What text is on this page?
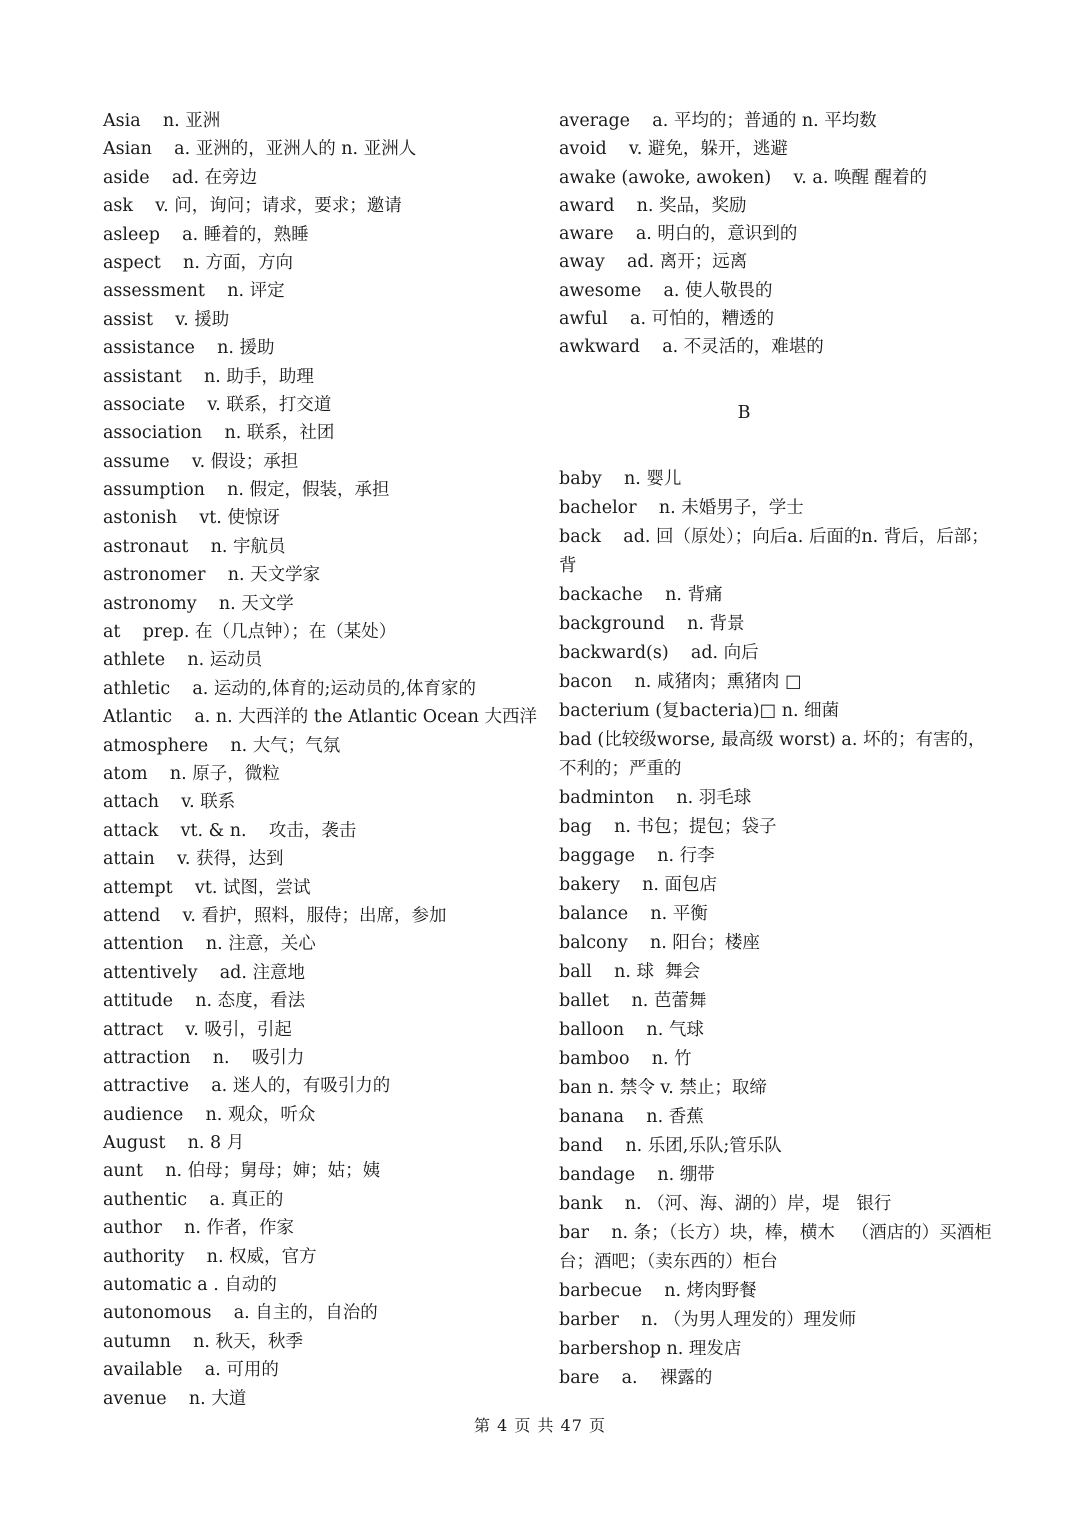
Asia    n. 亚洲
Asian    a. 亚洲的，亚洲人的 n. 亚洲人
aside    ad. 在旁边
ask    v. 问，询问；请求，要求；邀请
asleep    a. 睡着的，熟睡
aspect    n. 方面，方向
assessment    n. 评定
assist    v. 援助
assistance    n. 援助
assistant    n. 助手，助理
associate    v. 联系，打交道
association    n. 联系，社团
assume    v. 假设；承担
assumption    n. 假定，假装，承担
astonish    vt. 使惊讶
astronaut    n. 宇航员
astronomer    n. 天文学家
astronomy    n. 天文学
at    prep. 在（几点钟）；在（某处）
athlete    n. 运动员
athletic    a. 运动的,体育的;运动员的,体育家的
Atlantic    a. n. 大西洋的 the Atlantic Ocean 大西洋
atmosphere    n. 大气；气氛
atom    n. 原子，微粒
attach    v. 联系
attack    vt. & n.    攻击，袭击
attain    v. 获得，达到
attempt    vt. 试图，尝试
attend    v. 看护，照料，服侍；出席，参加
attention    n. 注意，关心
attentively    ad. 注意地
attitude    n. 态度，看法
attract    v. 吸引，引起
attraction    n.    吸引力
attractive    a. 迷人的，有吸引力的
audience    n. 观众，听众
August    n. 8 月
aunt    n. 伯母；舅母；婶；姑；姨
authentic    a. 真正的
author    n. 作者，作家
authority    n. 权威，官方
automatic a . 自动的
autonomous    a. 自主的，自治的
autumn    n. 秋天，秋季
available    a. 可用的
avenue    n. 大道
average    a. 平均的；普通的 n. 平均数
avoid    v. 避免，躲开，逃避
awake (awoke, awoken)    v. a. 唤醒 醒着的
award    n. 奖品，奖励
aware    a. 明白的，意识到的
away    ad. 离开；远离
awesome    a. 使人敬畏的
awful    a. 可怕的，糟透的
awkward    a. 不灵活的，难堪的
B
baby    n. 婴儿
bachelor    n. 未婚男子，学士
back    ad. 回（原处）；向后a. 后面的n. 背后，后部；背
backache    n. 背痛
background    n. 背景
backward(s)    ad. 向后
bacon    n. 咸猪肉；熏猪肉 □
bacterium (复bacteria)□ n. 细菌
bad (比较级worse, 最高级 worst) a. 坏的；有害的，不利的；严重的
badminton    n. 羽毛球
bag    n. 书包；提包；袋子
baggage    n. 行李
bakery    n. 面包店
balance    n. 平衡
balcony    n. 阳台；楼座
ball    n. 球  舞会
ballet    n. 芭蕾舞
balloon    n. 气球
bamboo    n. 竹
ban n. 禁令 v. 禁止；取缔
banana    n. 香蕉
band    n. 乐团,乐队;管乐队
bandage    n. 绷带
bank    n. （河、海、湖的）岸，堤   银行
bar    n. 条；（长方）块，棒，横木   （酒店的）买酒柜台；酒吧；（卖东西的）柜台
barbecue    n. 烤肉野餐
barber    n. （为男人理发的）理发师
barbershop n. 理发店
bare    a.    裸露的
第 4 页 共 47 页
